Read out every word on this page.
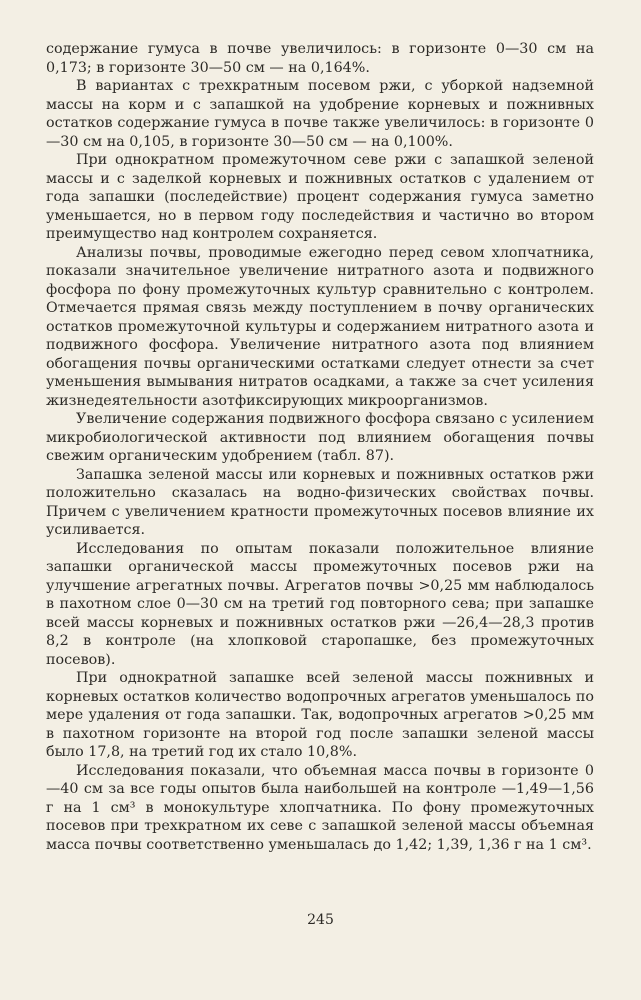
содержание гумуса в почве увеличилось: в горизонте 0—30 см на 0,173; в горизонте 30—50 см — на 0,164%.

В вариантах с трехкратным посевом ржи, с уборкой надземной массы на корм и с запашкой на удобрение корневых и пожнивных остатков содержание гумуса в почве также увеличилось: в горизонте 0—30 см на 0,105, в горизонте 30—50 см — на 0,100%.

При однократном промежуточном севе ржи с запашкой зеленой массы и с заделкой корневых и пожнивных остатков с удалением от года запашки (последействие) процент содержания гумуса заметно уменьшается, но в первом году последействия и частично во втором преимущество над контролем сохраняется.

Анализы почвы, проводимые ежегодно перед севом хлопчатника, показали значительное увеличение нитратного азота и подвижного фосфора по фону промежуточных культур сравнительно с контролем. Отмечается прямая связь между поступлением в почву органических остатков промежуточной культуры и содержанием нитратного азота и подвижного фосфора. Увеличение нитратного азота под влиянием обогащения почвы органическими остатками следует отнести за счет уменьшения вымывания нитратов осадками, а также за счет усиления жизнедеятельности азотфиксирующих микроорганизмов.

Увеличение содержания подвижного фосфора связано с усилением микробиологической активности под влиянием обогащения почвы свежим органическим удобрением (табл. 87).

Запашка зеленой массы или корневых и пожнивных остатков ржи положительно сказалась на водно-физических свойствах почвы. Причем с увеличением кратности промежуточных посевов влияние их усиливается.

Исследования по опытам показали положительное влияние запашки органической массы промежуточных посевов ржи на улучшение агрегатных почвы. Агрегатов почвы >0,25 мм наблюдалось в пахотном слое 0—30 см на третий год повторного сева; при запашке всей массы корневых и пожнивных остатков ржи —26,4—28,3 против 8,2 в контроле (на хлопковой старопашке, без промежуточных посевов).

При однократной запашке всей зеленой массы пожнивных и корневых остатков количество водопрочных агрегатов уменьшалось по мере удаления от года запашки. Так, водопрочных агрегатов >0,25 мм в пахотном горизонте на второй год после запашки зеленой массы было 17,8, на третий год их стало 10,8%.

Исследования показали, что объемная масса почвы в горизонте 0—40 см за все годы опытов была наибольшей на контроле —1,49—1,56 г на 1 см³ в монокультуре хлопчатника. По фону промежуточных посевов при трехкратном их севе с запашкой зеленой массы объемная масса почвы соответственно уменьшалась до 1,42; 1,39, 1,36 г на 1 см³.

245
